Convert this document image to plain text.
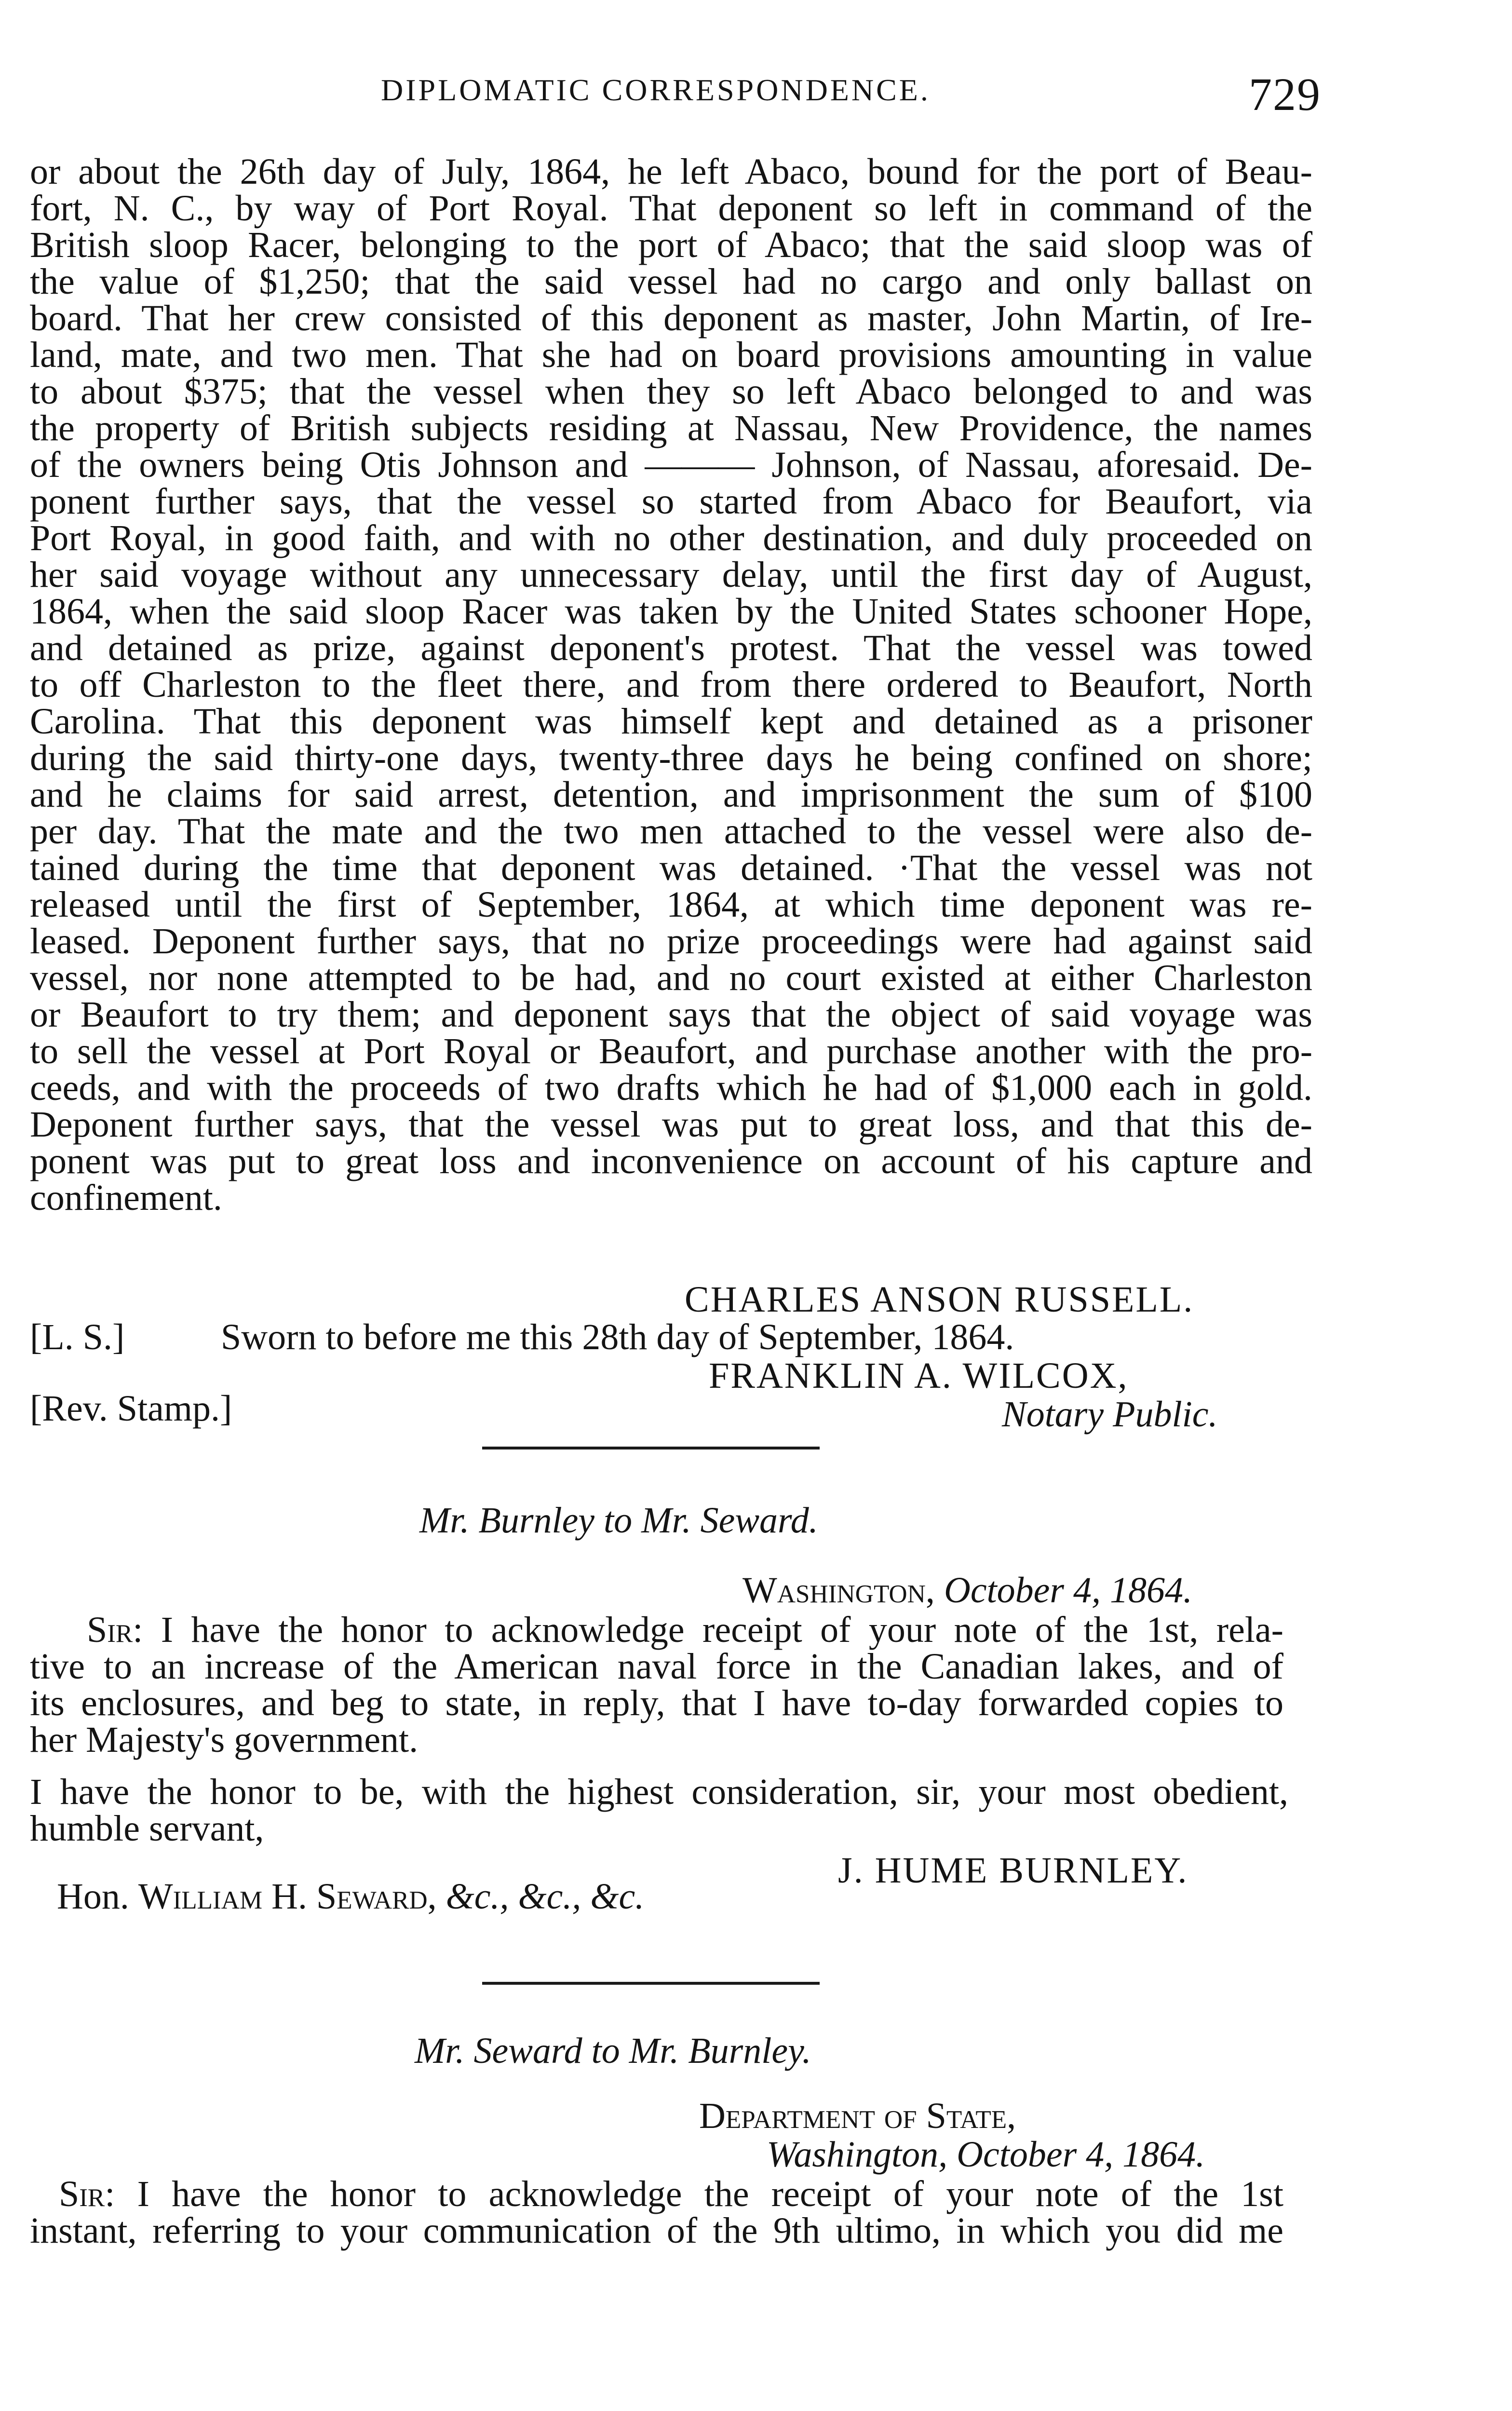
DIPLOMATIC CORRESPONDENCE.	729
or about the 26th day of July, 1864, he left Abaco, bound for the port of Beau-
fort, N. C., by way of Port Royal. That deponent so left in command of the
British sloop Racer, belonging to the port of Abaco; that the said sloop was of
the value of $1,250; that the said vessel had no cargo and only ballast on
board. That her crew consisted of this deponent as master, John Martin, of Ire-
land, mate, and two men. That she had on board provisions amounting in value
to about $375; that the vessel when they so left Abaco belonged to and was
the property of British subjects residing at Nassau, New Providence, the names
of the owners being Otis Johnson and ——— Johnson, of Nassau, aforesaid. De-
ponent further says, that the vessel so started from Abaco for Beaufort, via
Port Royal, in good faith, and with no other destination, and duly proceeded on
her said voyage without any unnecessary delay, until the first day of August,
1864, when the said sloop Racer was taken by the United States schooner Hope,
and detained as prize, against deponent's protest. That the vessel was towed
to off Charleston to the fleet there, and from there ordered to Beaufort, North
Carolina. That this deponent was himself kept and detained as a prisoner
during the said thirty-one days, twenty-three days he being confined on shore;
and he claims for said arrest, detention, and imprisonment the sum of $100
per day. That the mate and the two men attached to the vessel were also de-
tained during the time that deponent was detained. ·That the vessel was not
released until the first of September, 1864, at which time deponent was re-
leased. Deponent further says, that no prize proceedings were had against said
vessel, nor none attempted to be had, and no court existed at either Charleston
or Beaufort to try them; and deponent says that the object of said voyage was
to sell the vessel at Port Royal or Beaufort, and purchase another with the pro-
ceeds, and with the proceeds of two drafts which he had of $1,000 each in gold.
Deponent further says, that the vessel was put to great loss, and that this de-
ponent was put to great loss and inconvenience on account of his capture and
confinement.
CHARLES ANSON RUSSELL.
[L. S.]	Sworn to before me this 28th day of September, 1864.
FRANKLIN A. WILCOX,
[Rev. Stamp.]	Notary Public.
Mr. Burnley to Mr. Seward.
Washington, October 4, 1864.
Sir: I have the honor to acknowledge receipt of your note of the 1st, rela-
tive to an increase of the American naval force in the Canadian lakes, and of
its enclosures, and beg to state, in reply, that I have to-day forwarded copies to
her Majesty's government.
I have the honor to be, with the highest consideration, sir, your most obedient,
humble servant,
J. HUME BURNLEY.
Hon. William H. Seward, &c., &c., &c.
Mr. Seward to Mr. Burnley.
Department of State,
Washington, October 4, 1864.
Sir: I have the honor to acknowledge the receipt of your note of the 1st
instant, referring to your communication of the 9th ultimo, in which you did me
